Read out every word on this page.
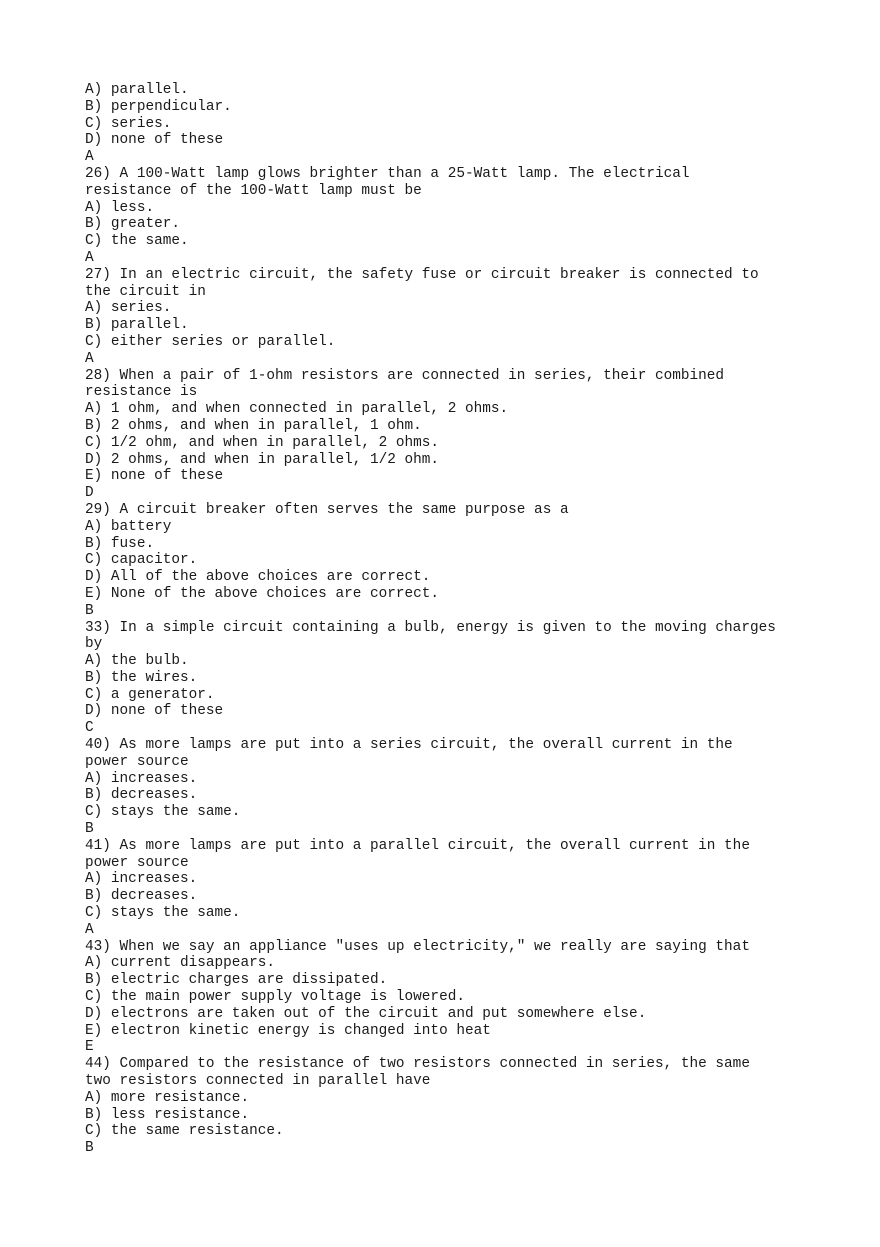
A) parallel.
B) perpendicular.
C) series.
D) none of these
A
26) A 100-Watt lamp glows brighter than a 25-Watt lamp. The electrical
resistance of the 100-Watt lamp must be
A) less.
B) greater.
C) the same.
A
27) In an electric circuit, the safety fuse or circuit breaker is connected to
the circuit in
A) series.
B) parallel.
C) either series or parallel.
A
28) When a pair of 1-ohm resistors are connected in series, their combined
resistance is
A) 1 ohm, and when connected in parallel, 2 ohms.
B) 2 ohms, and when in parallel, 1 ohm.
C) 1/2 ohm, and when in parallel, 2 ohms.
D) 2 ohms, and when in parallel, 1/2 ohm.
E) none of these
D
29) A circuit breaker often serves the same purpose as a
A) battery
B) fuse.
C) capacitor.
D) All of the above choices are correct.
E) None of the above choices are correct.
B
33) In a simple circuit containing a bulb, energy is given to the moving charges
by
A) the bulb.
B) the wires.
C) a generator.
D) none of these
C
40) As more lamps are put into a series circuit, the overall current in the
power source
A) increases.
B) decreases.
C) stays the same.
B
41) As more lamps are put into a parallel circuit, the overall current in the
power source
A) increases.
B) decreases.
C) stays the same.
A
43) When we say an appliance "uses up electricity," we really are saying that
A) current disappears.
B) electric charges are dissipated.
C) the main power supply voltage is lowered.
D) electrons are taken out of the circuit and put somewhere else.
E) electron kinetic energy is changed into heat
E
44) Compared to the resistance of two resistors connected in series, the same
two resistors connected in parallel have
A) more resistance.
B) less resistance.
C) the same resistance.
B
